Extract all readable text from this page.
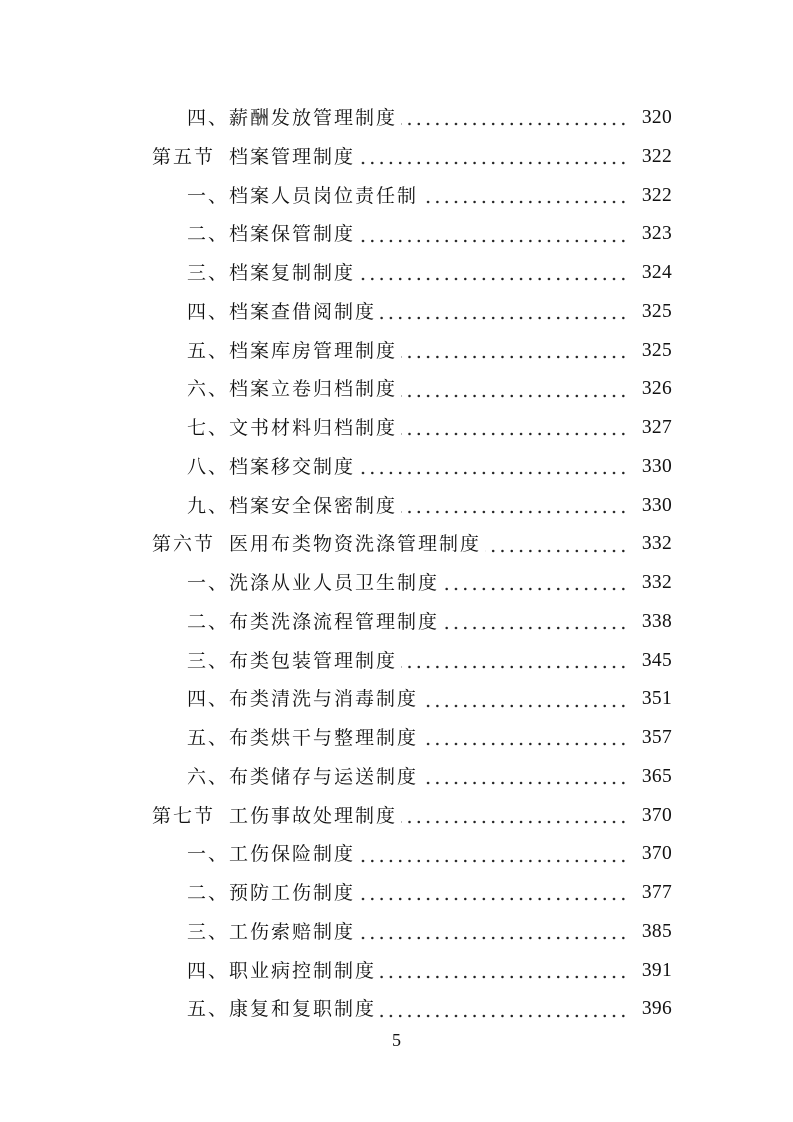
四、 薪酬发放管理制度	320
第五节 档案管理制度	322
一、 档案人员岗位责任制	322
二、 档案保管制度	323
三、 档案复制制度	324
四、 档案查借阅制度	325
五、 档案库房管理制度	325
六、 档案立卷归档制度	326
七、 文书材料归档制度	327
八、 档案移交制度	330
九、 档案安全保密制度	330
第六节 医用布类物资洗涤管理制度	332
一、 洗涤从业人员卫生制度	332
二、 布类洗涤流程管理制度	338
三、 布类包装管理制度	345
四、 布类清洗与消毒制度	351
五、 布类烘干与整理制度	357
六、 布类储存与运送制度	365
第七节 工伤事故处理制度	370
一、 工伤保险制度	370
二、 预防工伤制度	377
三、 工伤索赔制度	385
四、 职业病控制制度	391
五、 康复和复职制度	396
5
